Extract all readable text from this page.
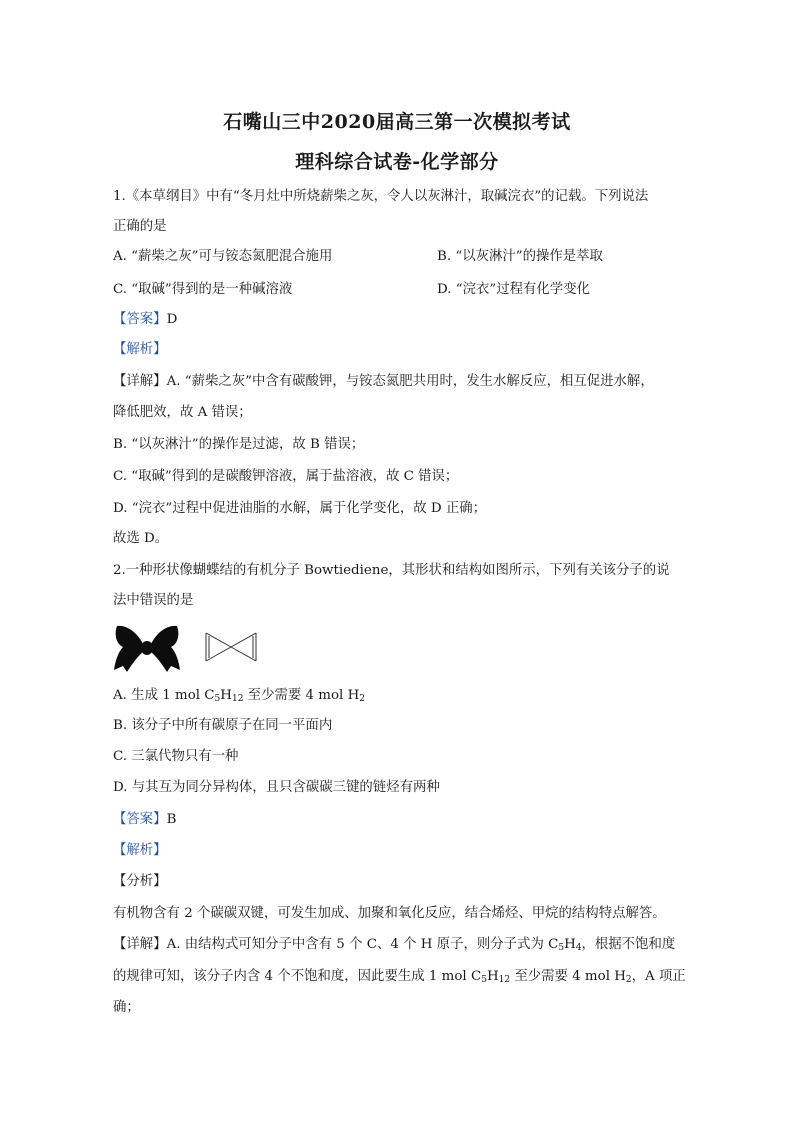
石嘴山三中2020届高三第一次模拟考试
理科综合试卷-化学部分
1.《本草纲目》中有“冬月灶中所烧薪柴之灰，令人以灰淋汁，取碱浣衣”的记载。下列说法
正确的是
A. “薪柴之灰”可与铵态氮肥混合施用	B. “以灰淋汁”的操作是萃取
C. “取碱”得到的是一种碱溶液	D. “浣衣”过程有化学变化
【答案】D
【解析】
【详解】A. “薪柴之灰”中含有碳酸钾，与铵态氮肥共用时，发生水解反应，相互促进水解，
降低肥效，故 A 错误；
B. “以灰淋汁”的操作是过滤，故 B 错误；
C. “取碱”得到的是碳酸钾溶液，属于盐溶液，故 C 错误；
D. “浣衣”过程中促进油脂的水解，属于化学变化，故 D 正确；
故选 D。
2.一种形状像蝴蝶结的有机分子 Bowtiediene，其形状和结构如图所示，下列有关该分子的说
法中错误的是
A. 生成 1 mol $C_5H_{12}$ 至少需要 4 mol $H_2$
B. 该分子中所有碳原子在同一平面内
C. 三氯代物只有一种
D. 与其互为同分异构体，且只含碳碳三键的链烃有两种
【答案】B
【解析】
【分析】
有机物含有 2 个碳碳双键，可发生加成、加聚和氧化反应，结合烯烃、甲烷的结构特点解答。
【详解】A. 由结构式可知分子中含有 5 个 C、4 个 H 原子，则分子式为 $C_5H_4$，根据不饱和度
的规律可知，该分子内含 4 个不饱和度，因此要生成 1 mol $C_5H_{12}$ 至少需要 4 mol $H_2$，A 项正
确；
